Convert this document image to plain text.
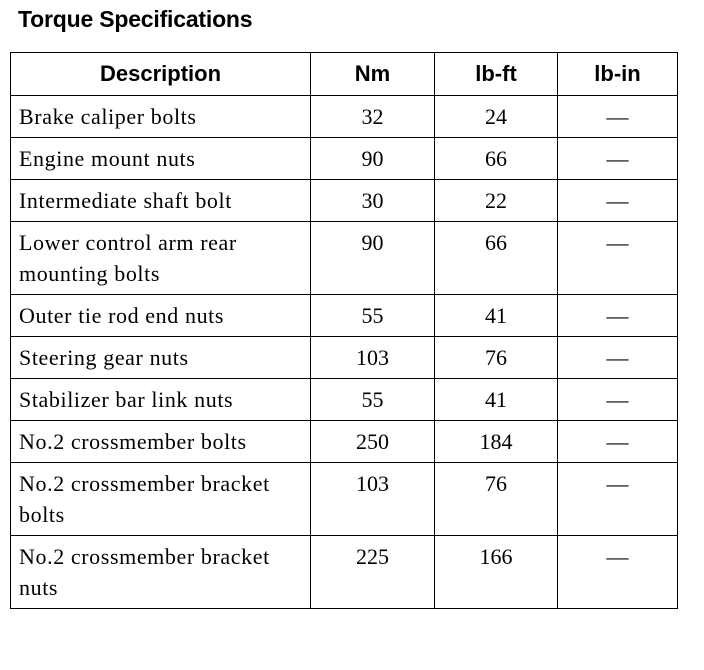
Torque Specifications
Description	Nm	lb-ft	lb-in
Brake caliper bolts	32	24	—
Engine mount nuts	90	66	—
Intermediate shaft bolt	30	22	—
Lower control arm rear mounting bolts	90	66	—
Outer tie rod end nuts	55	41	—
Steering gear nuts	103	76	—
Stabilizer bar link nuts	55	41	—
No.2 crossmember bolts	250	184	—
No.2 crossmember bracket bolts	103	76	—
No.2 crossmember bracket nuts	225	166	—
